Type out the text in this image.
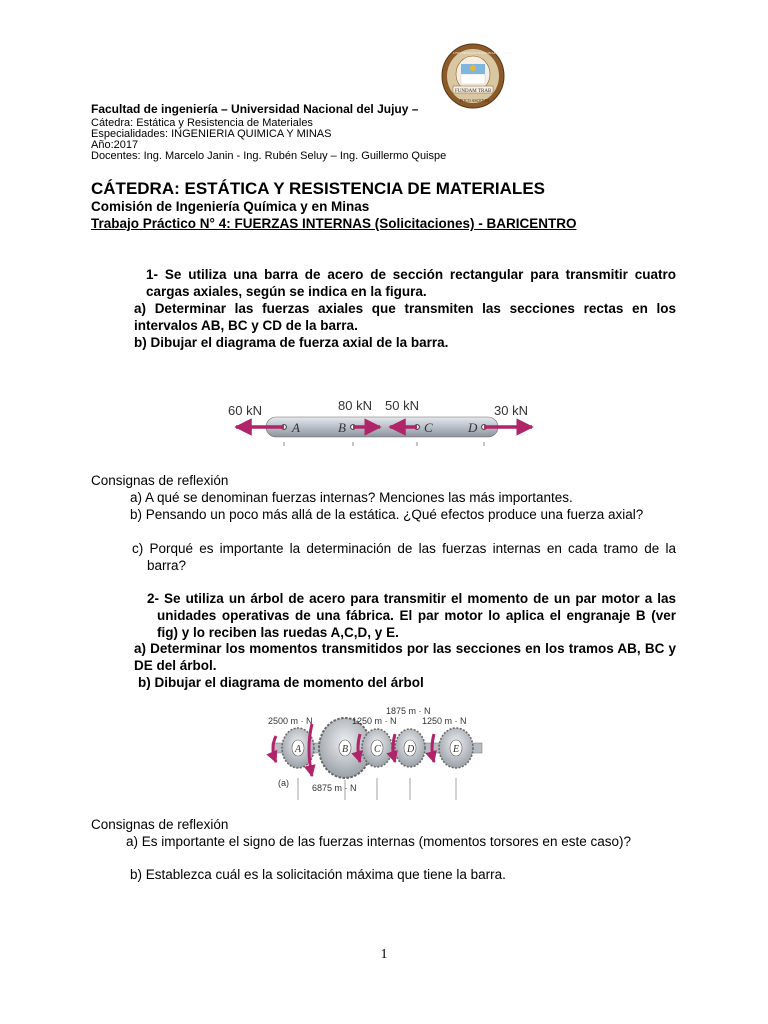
FUNDAM TRAB
POCO ASCENDI
UNIVERSIDAD NACIONAL DE JUJUY
Facultad de ingeniería – Universidad Nacional del Jujuy –
Cátedra: Estática y Resistencia de Materiales
Especialidades: INGENIERIA QUIMICA Y MINAS
Año:2017
Docentes: Ing. Marcelo Janin - Ing. Rubén Seluy – Ing. Guillermo Quispe
CÁTEDRA: ESTÁTICA Y RESISTENCIA DE MATERIALES
Comisión de Ingeniería Química y en Minas
Trabajo Práctico N° 4: FUERZAS INTERNAS (Solicitaciones) - BARICENTRO
1- Se utiliza una barra de acero de sección rectangular para transmitir cuatro cargas axiales, según se indica en la figura.
a) Determinar las fuerzas axiales que transmiten las secciones rectas en los intervalos AB, BC y CD de la barra.
b) Dibujar el diagrama de fuerza axial de la barra.
60 kN	80 kN 50 kN	30 kN
A	B	C	D
Consignas de reflexión
a) A qué se denominan fuerzas internas? Menciones las más importantes.
b) Pensando un poco más allá de la estática. ¿Qué efectos produce una fuerza axial?
c) Porqué es importante la determinación de las fuerzas internas en cada tramo de la barra?
2- Se utiliza un árbol de acero para transmitir el momento de un par motor a las unidades operativas de una fábrica. El par motor lo aplica el engranaje B (ver fig) y lo reciben las ruedas A,C,D, y E.
a) Determinar los momentos transmitidos por las secciones en los tramos AB, BC y DE del árbol.
b) Dibujar el diagrama de momento del árbol
A	B	C	D	E
2500 m · N	1250 m · N
1875 m · N
1250 m · N
6875 m · N
(a)
Consignas de reflexión
a) Es importante el signo de las fuerzas internas (momentos torsores en este caso)?
b) Establezca cuál es la solicitación máxima que tiene la barra.
1
